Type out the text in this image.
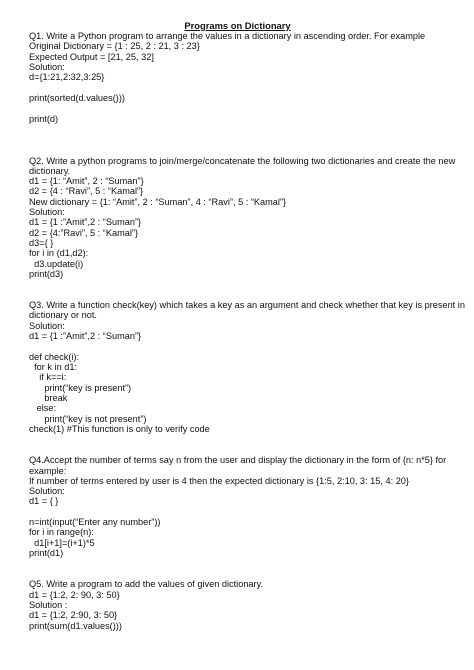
Programs on Dictionary

Q1. Write a Python program to arrange the values in a dictionary in ascending order. For example

Original Dictionary = {1 : 25, 2 : 21, 3 : 23}

Expected Output = [21, 25, 32]

Solution:

d={1:21,2:32,3:25}

print(sorted(d.values()))

print(d)

Q2. Write a python programs to join/merge/concatenate the following two dictionaries and create the new

dictionary.

d1 = {1: “Amit”, 2 : “Suman”}

d2 = {4 : “Ravi”, 5 : “Kamal”}

New dictionary = {1: “Amit”, 2 : “Suman”, 4 : “Ravi”, 5 : “Kamal”}

Solution:

d1 = {1 :”Amit”,2 : “Suman”}

d2 = {4:”Ravi”, 5 : “Kamal”}

d3={ }

for i in (d1,d2):

d3.update(i)

print(d3)

Q3. Write a function check(key) which takes a key as an argument and check whether that key is present in

dictionary or not.

Solution:

d1 = {1 :”Amit”,2 : “Suman”}

def check(i):

for k in d1:

if k==i:

print(“key is present”)

break

else:

print(“key is not present”)

check(1) #This function is only to verify code

Q4.Accept the number of terms say n from the user and display the dictionary in the form of {n: n*5} for

example:

If number of terms entered by user is 4 then the expected dictionary is {1:5, 2:10, 3: 15, 4: 20}

Solution:

d1 = { }

n=int(input(“Enter any number”))

for i in range(n):

d1[i+1]=(i+1)*5

print(d1)

Q5. Write a program to add the values of given dictionary.

d1 = {1:2, 2: 90, 3: 50}

Solution :

d1 = {1:2, 2:90, 3: 50}

print(sum(d1.values()))
